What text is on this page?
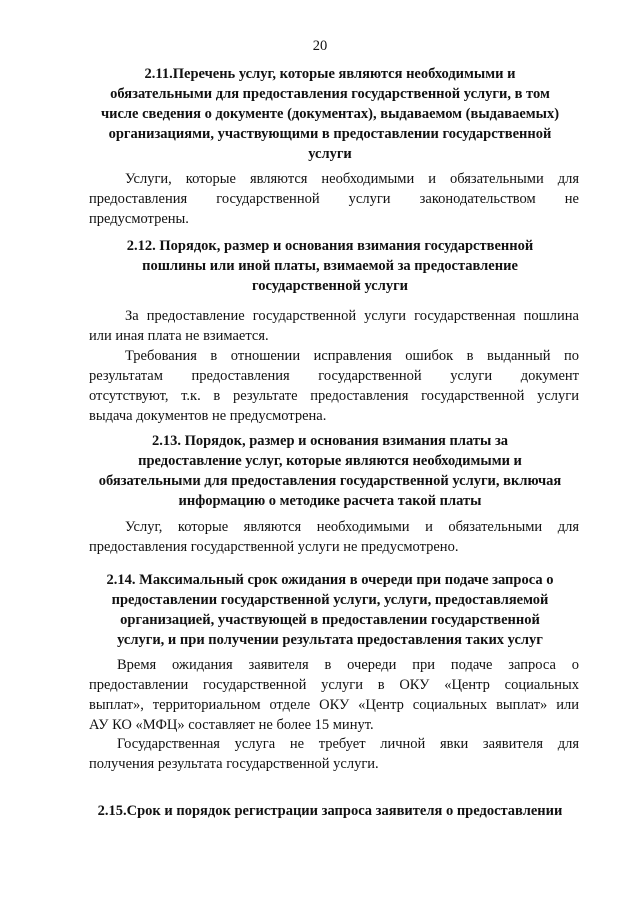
20
2.11.Перечень услуг, которые являются необходимыми и
обязательными для предоставления государственной услуги, в том
числе сведения о документе (документах), выдаваемом (выдаваемых)
организациями, участвующими в предоставлении государственной
услуги
Услуги, которые являются необходимыми и обязательными для
предоставления государственной услуги законодательством не
предусмотрены.
2.12. Порядок, размер и основания взимания государственной
пошлины или иной платы, взимаемой за предоставление
государственной услуги
За предоставление государственной услуги государственная пошлина
или иная плата не взимается.
Требования в отношении исправления ошибок в выданный по
результатам предоставления государственной услуги документ
отсутствуют, т.к. в результате предоставления государственной услуги
выдача документов не предусмотрена.
2.13. Порядок, размер и основания взимания платы за
предоставление услуг, которые являются необходимыми и
обязательными для предоставления государственной услуги, включая
информацию о методике расчета такой платы
Услуг, которые являются необходимыми и обязательными для
предоставления государственной услуги не предусмотрено.
2.14. Максимальный срок ожидания в очереди при подаче запроса о
предоставлении государственной услуги, услуги, предоставляемой
организацией, участвующей в предоставлении государственной
услуги, и при получении результата предоставления таких услуг
Время ожидания заявителя в очереди при подаче запроса о
предоставлении государственной услуги в ОКУ «Центр социальных
выплат», территориальном отделе ОКУ «Центр социальных выплат» или
АУ КО «МФЦ» составляет не более 15 минут.
Государственная услуга не требует личной явки заявителя для
получения результата государственной услуги.
2.15.Срок и порядок регистрации запроса заявителя о предоставлении
